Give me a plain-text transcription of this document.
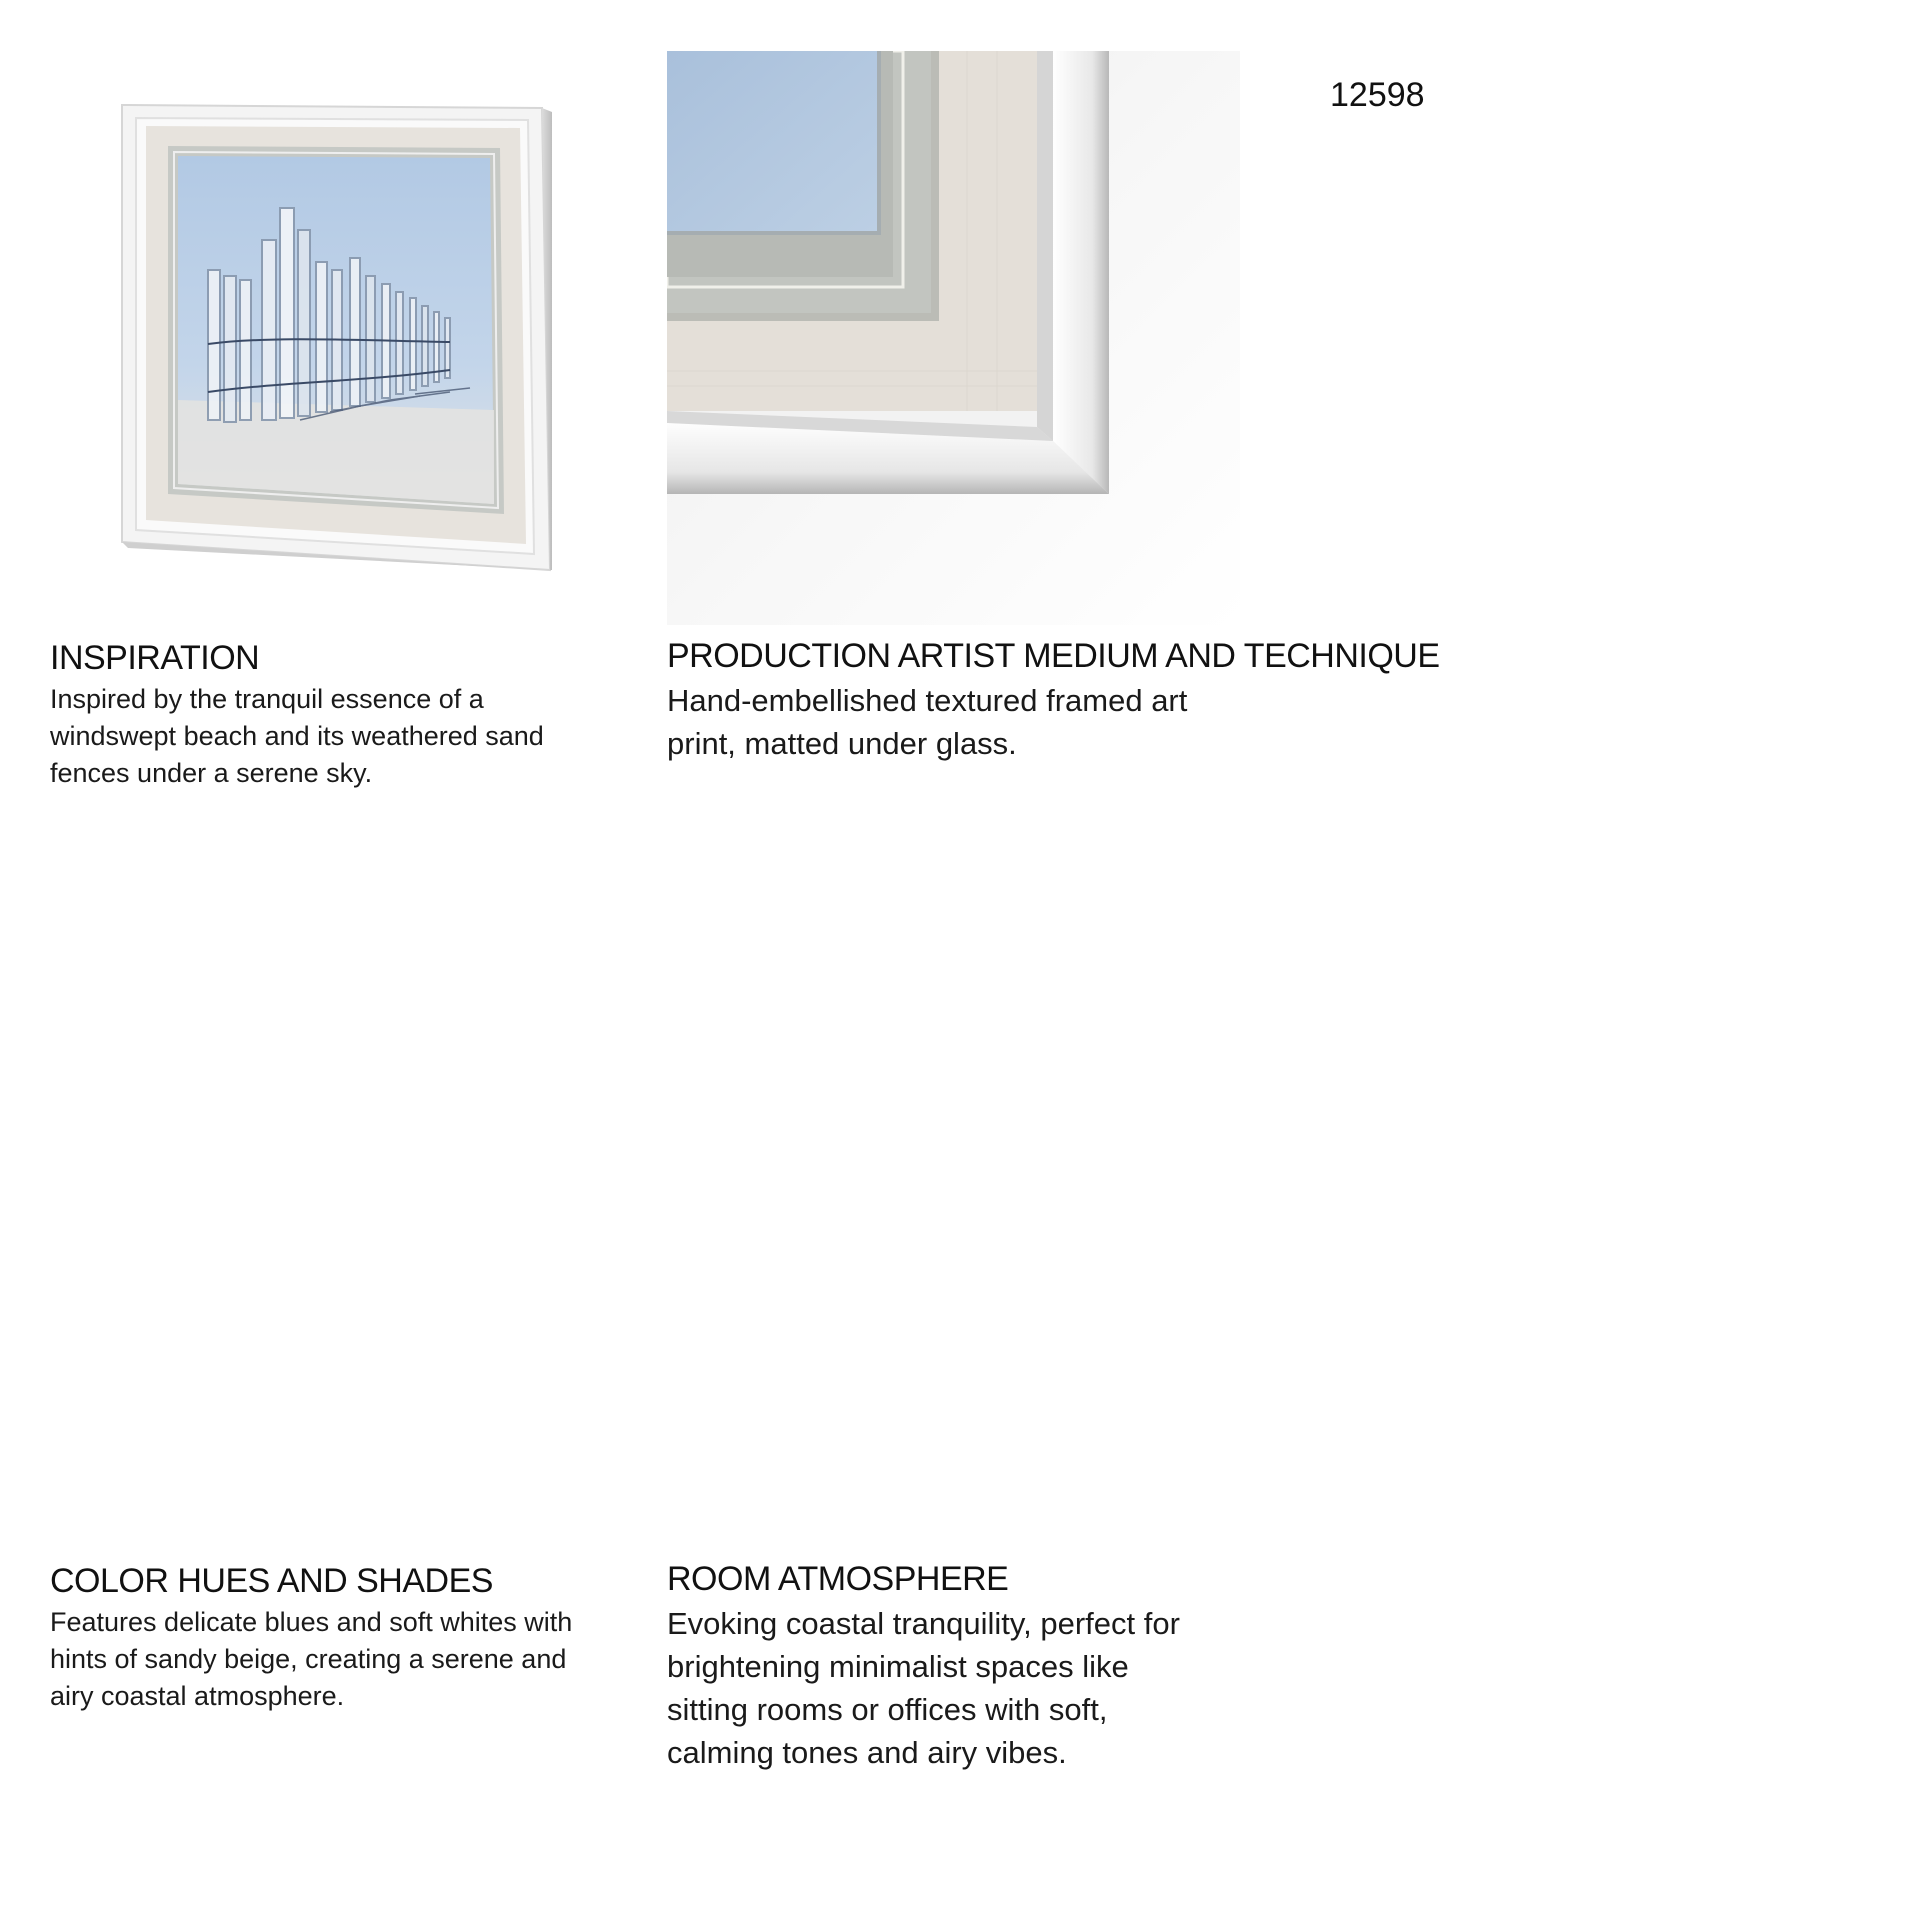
12598
INSPIRATION
Inspired by the tranquil essence of a
windswept beach and its weathered sand
fences under a serene sky.
PRODUCTION ARTIST MEDIUM AND TECHNIQUE
Hand-embellished textured framed art
print, matted under glass.
COLOR HUES AND SHADES
Features delicate blues and soft whites with
hints of sandy beige, creating a serene and
airy coastal atmosphere.
ROOM ATMOSPHERE
Evoking coastal tranquility, perfect for
brightening minimalist spaces like
sitting rooms or offices with soft,
calming tones and airy vibes.
